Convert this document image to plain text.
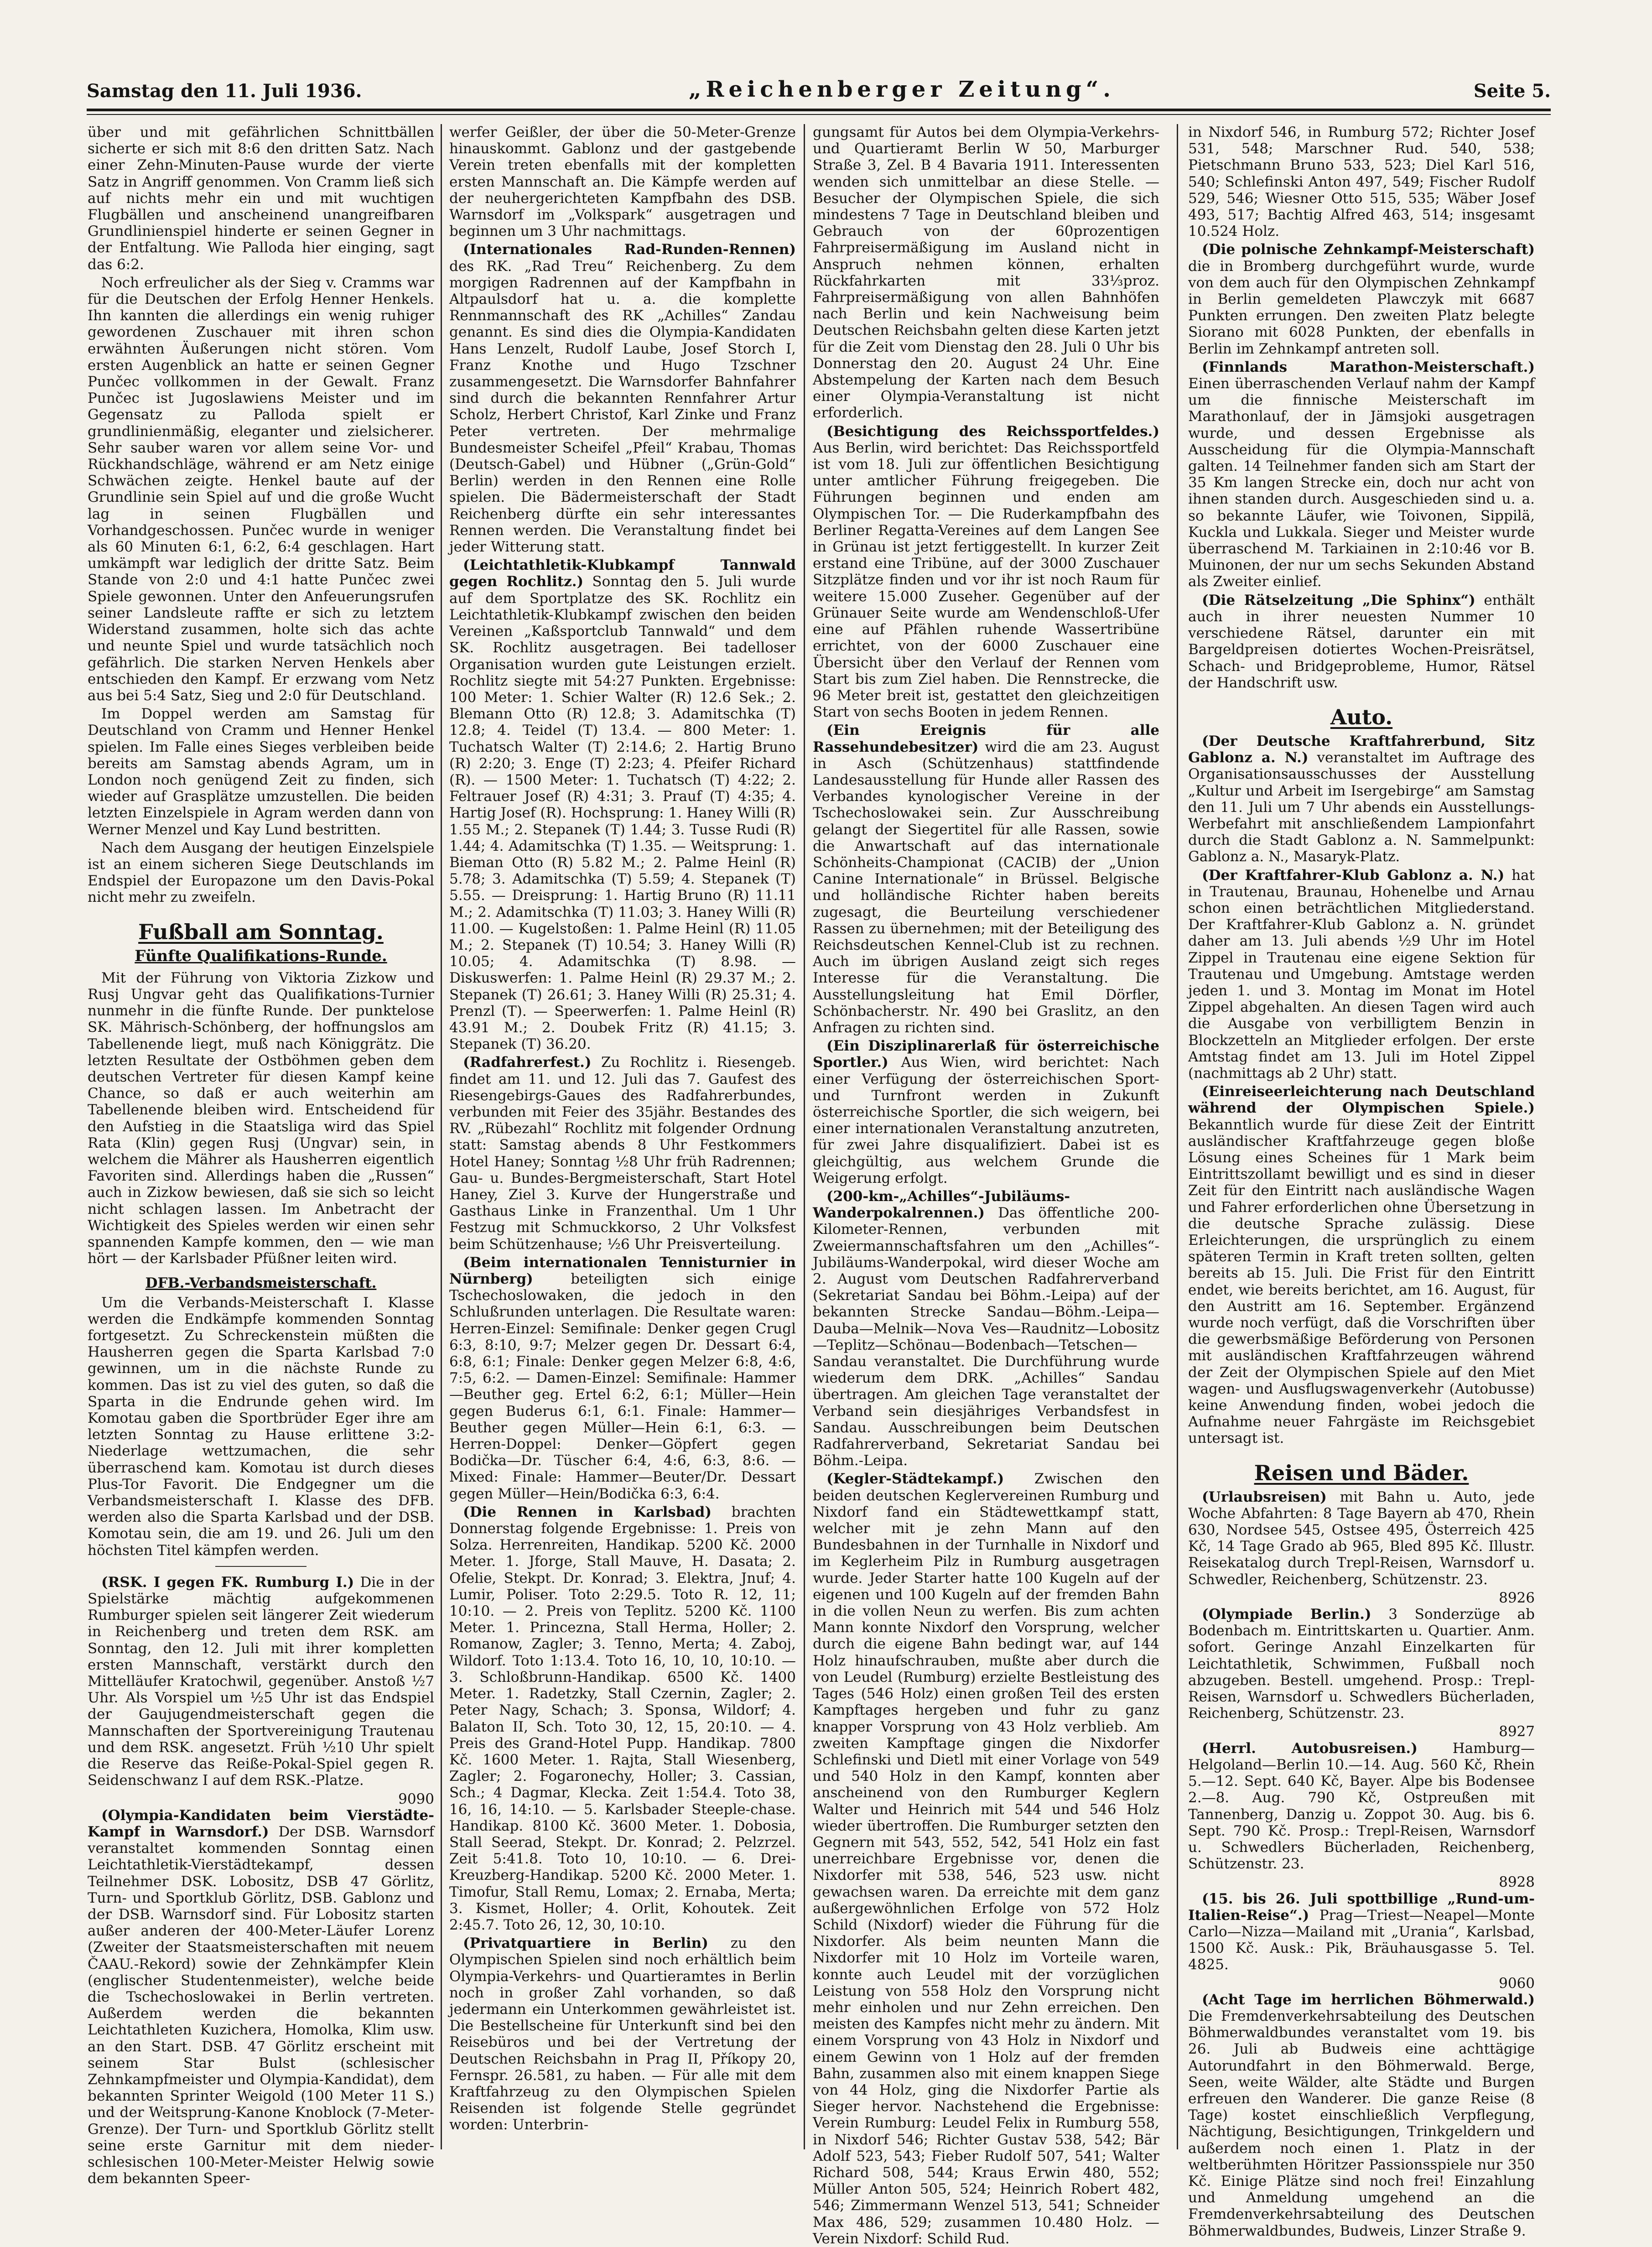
Samstag den 11. Juli 1936.	„Reichenberger Zeitung“.	Seite 5.

über und mit gefährlichen Schnittbällen sicherte er sich mit 8:6 den dritten Satz. Nach einer Zehn-Minuten-Pause wurde der vierte Satz in Angriff genommen. Von Cramm ließ sich auf nichts mehr ein und mit wuchtigen Flugbällen und anscheinend unangreifbaren Grundlinienspiel hinderte er seinen Gegner in der Entfaltung. Wie Palloda hier einging, sagt das 6:2.

Noch erfreulicher als der Sieg v. Cramms war für die Deutschen der Erfolg Henner Henkels. Ihn kannten die allerdings ein wenig ruhiger gewordenen Zuschauer mit ihren schon erwähnten Äußerungen nicht stören. Vom ersten Augenblick an hatte er seinen Gegner Punčec vollkommen in der Gewalt. Franz Punčec ist Jugoslawiens Meister und im Gegensatz zu Palloda spielt er grundlinienmäßig, eleganter und zielsicherer. Sehr sauber waren vor allem seine Vor- und Rückhandschläge, während er am Netz einige Schwächen zeigte. Henkel baute auf der Grundlinie sein Spiel auf und die große Wucht lag in seinen Flugbällen und Vorhandgeschossen. Punčec wurde in weniger als 60 Minuten 6:1, 6:2, 6:4 geschlagen. Hart umkämpft war lediglich der dritte Satz. Beim Stande von 2:0 und 4:1 hatte Punčec zwei Spiele gewonnen. Unter den Anfeuerungsrufen seiner Landsleute raffte er sich zu letztem Widerstand zusammen, holte sich das achte und neunte Spiel und wurde tatsächlich noch gefährlich. Die starken Nerven Henkels aber entschieden den Kampf. Er erzwang vom Netz aus bei 5:4 Satz, Sieg und 2:0 für Deutschland.

Im Doppel werden am Samstag für Deutschland von Cramm und Henner Henkel spielen. Im Falle eines Sieges verbleiben beide bereits am Samstag abends Agram, um in London noch genügend Zeit zu finden, sich wieder auf Grasplätze umzustellen. Die beiden letzten Einzelspiele in Agram werden dann von Werner Menzel und Kay Lund bestritten.

Nach dem Ausgang der heutigen Einzelspiele ist an einem sicheren Siege Deutschlands im Endspiel der Europazone um den Davis-Pokal nicht mehr zu zweifeln.

Fußball am Sonntag.
Fünfte Qualifikations-Runde.

Mit der Führung von Viktoria Zizkow und Rusj Ungvar geht das Qualifikations-Turnier nunmehr in die fünfte Runde. Der punktelose SK. Mährisch-Schönberg, der hoffnungslos am Tabellenende liegt, muß nach Königgrätz. Die letzten Resultate der Ostböhmen geben dem deutschen Vertreter für diesen Kampf keine Chance, so daß er auch weiterhin am Tabellenende bleiben wird. Entscheidend für den Aufstieg in die Staatsliga wird das Spiel Rata (Klin) gegen Rusj (Ungvar) sein, in welchem die Mährer als Hausherren eigentlich Favoriten sind. Allerdings haben die „Russen“ auch in Zizkow bewiesen, daß sie sich so leicht nicht schlagen lassen. Im Anbetracht der Wichtigkeit des Spieles werden wir einen sehr spannenden Kampfe kommen, den — wie man hört — der Karlsbader Pfüßner leiten wird.

DFB.-Verbandsmeisterschaft.

Um die Verbands-Meisterschaft I. Klasse werden die Endkämpfe kommenden Sonntag fortgesetzt. Zu Schreckenstein müßten die Hausherren gegen die Sparta Karlsbad 7:0 gewinnen, um in die nächste Runde zu kommen. Das ist zu viel des guten, so daß die Sparta in die Endrunde gehen wird. Im Komotau gaben die Sportbrüder Eger ihre am letzten Sonntag zu Hause erlittene 3:2-Niederlage wettzumachen, die sehr überraschend kam. Komotau ist durch dieses Plus-Tor Favorit. Die Endgegner um die Verbandsmeisterschaft I. Klasse des DFB. werden also die Sparta Karlsbad und der DSB. Komotau sein, die am 19. und 26. Juli um den höchsten Titel kämpfen werden.

(RSK. I gegen FK. Rumburg I.) Die in der Spielstärke mächtig aufgekommenen Rumburger spielen seit längerer Zeit wiederum in Reichenberg und treten dem RSK. am Sonntag, den 12. Juli mit ihrer kompletten ersten Mannschaft, verstärkt durch den Mittelläufer Kratochwil, gegenüber. Anstoß ½7 Uhr. Als Vorspiel um ½5 Uhr ist das Endspiel der Gaujugendmeisterschaft gegen die Mannschaften der Sportvereinigung Trautenau und dem RSK. angesetzt. Früh ½10 Uhr spielt die Reserve das Reiße-Pokal-Spiel gegen R. Seidenschwanz I auf dem RSK.-Platze.

9090

(Olympia-Kandidaten beim Vierstädte-Kampf in Warnsdorf.) Der DSB. Warnsdorf veranstaltet kommenden Sonntag einen Leichtathletik-Vierstädtekampf, dessen Teilnehmer DSK. Lobositz, DSB 47 Görlitz, Turn- und Sportklub Görlitz, DSB. Gablonz und der DSB. Warnsdorf sind. Für Lobositz starten außer anderen der 400-Meter-Läufer Lorenz (Zweiter der Staatsmeisterschaften mit neuem ČAAU.-Rekord) sowie der Zehnkämpfer Klein (englischer Studentenmeister), welche beide die Tschechoslowakei in Berlin vertreten. Außerdem werden die bekannten Leichtathleten Kuzichera, Homolka, Klim usw. an den Start. DSB. 47 Görlitz erscheint mit seinem Star Bulst (schlesischer Zehnkampfmeister und Olympia-Kandidat), dem bekannten Sprinter Weigold (100 Meter 11 S.) und der Weitsprung-Kanone Knoblock (7-Meter-Grenze). Der Turn- und Sportklub Görlitz stellt seine erste Garnitur mit dem nieder-schlesischen 100-Meter-Meister Helwig sowie dem bekannten Speer-

werfer Geißler, der über die 50-Meter-Grenze hinauskommt. Gablonz und der gastgebende Verein treten ebenfalls mit der kompletten ersten Mannschaft an. Die Kämpfe werden auf der neuhergerichteten Kampfbahn des DSB. Warnsdorf im „Volkspark“ ausgetragen und beginnen um 3 Uhr nachmittags.

(Internationales Rad-Runden-Rennen) des RK. „Rad Treu“ Reichenberg. Zu dem morgigen Radrennen auf der Kampfbahn in Altpaulsdorf hat u. a. die komplette Rennmannschaft des RK „Achilles“ Zandau genannt. Es sind dies die Olympia-Kandidaten Hans Lenzelt, Rudolf Laube, Josef Storch I, Franz Knothe und Hugo Tzschner zusammengesetzt. Die Warnsdorfer Bahnfahrer sind durch die bekannten Rennfahrer Artur Scholz, Herbert Christof, Karl Zinke und Franz Peter vertreten. Der mehrmalige Bundesmeister Scheifel „Pfeil“ Krabau, Thomas (Deutsch-Gabel) und Hübner („Grün-Gold“ Berlin) werden in den Rennen eine Rolle spielen. Die Bädermeisterschaft der Stadt Reichenberg dürfte ein sehr interessantes Rennen werden. Die Veranstaltung findet bei jeder Witterung statt.

(Leichtathletik-Klubkampf Tannwald gegen Rochlitz.) Sonntag den 5. Juli wurde auf dem Sportplatze des SK. Rochlitz ein Leichtathletik-Klubkampf zwischen den beiden Vereinen „Kaßsportclub Tannwald“ und dem SK. Rochlitz ausgetragen. Bei tadelloser Organisation wurden gute Leistungen erzielt. Rochlitz siegte mit 54:27 Punkten. Ergebnisse: 100 Meter: 1. Schier Walter (R) 12.6 Sek.; 2. Blemann Otto (R) 12.8; 3. Adamitschka (T) 12.8; 4. Teidel (T) 13.4. — 800 Meter: 1. Tuchatsch Walter (T) 2:14.6; 2. Hartig Bruno (R) 2:20; 3. Enge (T) 2:23; 4. Pfeifer Richard (R). — 1500 Meter: 1. Tuchatsch (T) 4:22; 2. Feltrauer Josef (R) 4:31; 3. Prauf (T) 4:35; 4. Hartig Josef (R). Hochsprung: 1. Haney Willi (R) 1.55 M.; 2. Stepanek (T) 1.44; 3. Tusse Rudi (R) 1.44; 4. Adamitschka (T) 1.35. — Weitsprung: 1. Bieman Otto (R) 5.82 M.; 2. Palme Heinl (R) 5.78; 3. Adamitschka (T) 5.59; 4. Stepanek (T) 5.55. — Dreisprung: 1. Hartig Bruno (R) 11.11 M.; 2. Adamitschka (T) 11.03; 3. Haney Willi (R) 11.00. — Kugelstoßen: 1. Palme Heinl (R) 11.05 M.; 2. Stepanek (T) 10.54; 3. Haney Willi (R) 10.05; 4. Adamitschka (T) 8.98. — Diskuswerfen: 1. Palme Heinl (R) 29.37 M.; 2. Stepanek (T) 26.61; 3. Haney Willi (R) 25.31; 4. Prenzl (T). — Speerwerfen: 1. Palme Heinl (R) 43.91 M.; 2. Doubek Fritz (R) 41.15; 3. Stepanek (T) 36.20.

(Radfahrerfest.) Zu Rochlitz i. Riesengeb. findet am 11. und 12. Juli das 7. Gaufest des Riesengebirgs-Gaues des Radfahrerbundes, verbunden mit Feier des 35jähr. Bestandes des RV. „Rübezahl“ Rochlitz mit folgender Ordnung statt: Samstag abends 8 Uhr Festkommers Hotel Haney; Sonntag ½8 Uhr früh Radrennen; Gau- u. Bundes-Bergmeisterschaft, Start Hotel Haney, Ziel 3. Kurve der Hungerstraße und Gasthaus Linke in Franzenthal. Um 1 Uhr Festzug mit Schmuckkorso, 2 Uhr Volksfest beim Schützenhause; ½6 Uhr Preisverteilung.

(Beim internationalen Tennisturnier in Nürnberg)	beteiligten sich einige Tschechoslowaken, die jedoch in den Schlußrunden unterlagen. Die Resultate waren: Herren-Einzel: Semifinale: Denker gegen Crugl 6:3, 8:10, 9:7; Melzer gegen Dr. Dessart 6:4, 6:8, 6:1; Finale: Denker gegen Melzer 6:8, 4:6, 7:5, 6:2. — Damen-Einzel: Semifinale: Hammer—Beuther geg. Ertel 6:2, 6:1; Müller—Hein gegen Buderus 6:1, 6:1. Finale: Hammer—Beuther gegen Müller—Hein 6:1, 6:3. — Herren-Doppel: Denker—Göpfert gegen Bodička—Dr. Tüscher 6:4, 4:6, 6:3, 8:6. — Mixed: Finale: Hammer—Beuter/Dr. Dessart gegen Müller—Hein/Bodička 6:3, 6:4.

(Die Rennen in Karlsbad) brachten Donnerstag folgende Ergebnisse: 1. Preis von Solza. Herrenreiten, Handikap. 5200 Kč. 2000 Meter. 1. Jforge, Stall Mauve, H. Dasata; 2. Ofelie, Stekpt. Dr. Konrad; 3. Elektra, Jnuf; 4. Lumir, Poliser. Toto 2:29.5. Toto R. 12, 11; 10:10. — 2. Preis von Teplitz. 5200 Kč. 1100 Meter. 1. Princezna, Stall Herma, Holler; 2. Romanow, Zagler; 3. Tenno, Merta; 4. Zaboj, Wildorf. Toto 1:13.4. Toto 16, 10, 10, 10:10. — 3. Schloßbrunn-Handikap. 6500 Kč. 1400 Meter. 1. Radetzky, Stall Czernin, Zagler; 2. Peter Nagy, Schach; 3. Sponsa, Wildorf; 4. Balaton II, Sch. Toto 30, 12, 15, 20:10. — 4. Preis des Grand-Hotel Pupp. Handikap. 7800 Kč. 1600 Meter. 1. Rajta, Stall Wiesenberg, Zagler; 2. Fogaronechy, Holler; 3. Cassian, Sch.; 4 Dagmar, Klecka. Zeit 1:54.4. Toto 38, 16, 16, 14:10. — 5. Karlsbader Steeple-chase. Handikap. 8100 Kč. 3600 Meter. 1. Dobosia, Stall Seerad, Stekpt. Dr. Konrad; 2. Pelzrzel. Zeit 5:41.8. Toto 10, 10:10. — 6. Drei-Kreuzberg-Handikap. 5200 Kč. 2000 Meter. 1. Timofur, Stall Remu, Lomax; 2. Ernaba, Merta; 3. Kismet, Holler; 4. Orlit, Kohoutek. Zeit 2:45.7. Toto 26, 12, 30, 10:10.

(Privatquartiere in Berlin) zu den Olympischen Spielen sind noch erhältlich beim Olympia-Verkehrs- und Quartieramtes in Berlin noch in großer Zahl vorhanden, so daß jedermann ein Unterkommen gewährleistet ist. Die Bestellscheine für Unterkunft sind bei den Reisebüros und bei der Vertretung der Deutschen Reichsbahn in Prag II, Příkopy 20, Fernspr. 26.581, zu haben. — Für alle mit dem Kraftfahrzeug zu den Olympischen Spielen Reisenden ist folgende Stelle gegründet worden: Unterbrin-

gungsamt für Autos bei dem Olympia-Verkehrs- und Quartieramt Berlin W 50, Marburger Straße 3, Zel. B 4 Bavaria 1911. Interessenten wenden sich unmittelbar an diese Stelle. — Besucher der Olympischen Spiele, die sich mindestens 7 Tage in Deutschland bleiben und Gebrauch von der 60prozentigen Fahrpreisermäßigung im Ausland nicht in Anspruch nehmen können, erhalten Rückfahrkarten mit 33⅓proz. Fahrpreisermäßigung von allen Bahnhöfen nach Berlin und kein Nachweisung beim Deutschen Reichsbahn gelten diese Karten jetzt für die Zeit vom Dienstag den 28. Juli 0 Uhr bis Donnerstag den 20. August 24 Uhr. Eine Abstempelung der Karten nach dem Besuch einer Olympia-Veranstaltung ist nicht erforderlich.

(Besichtigung des Reichssportfeldes.) Aus Berlin, wird berichtet: Das Reichssportfeld ist vom 18. Juli zur öffentlichen Besichtigung unter amtlicher Führung freigegeben. Die Führungen beginnen und enden am Olympischen Tor. — Die Ruderkampfbahn des Berliner Regatta-Vereines auf dem Langen See in Grünau ist jetzt fertiggestellt. In kurzer Zeit erstand eine Tribüne, auf der 3000 Zuschauer Sitzplätze finden und vor ihr ist noch Raum für weitere 15.000 Zuseher. Gegenüber auf der Grünauer Seite wurde am Wendenschloß-Ufer eine auf Pfählen ruhende Wassertribüne errichtet, von der 6000 Zuschauer eine Übersicht über den Verlauf der Rennen vom Start bis zum Ziel haben. Die Rennstrecke, die 96 Meter breit ist, gestattet den gleichzeitigen Start von sechs Booten in jedem Rennen.

(Ein Ereignis für alle Rassehundebesitzer) wird die am 23. August in Asch (Schützenhaus) stattfindende Landesausstellung für Hunde aller Rassen des Verbandes kynologischer Vereine in der Tschechoslowakei sein. Zur Ausschreibung gelangt der Siegertitel für alle Rassen, sowie die Anwartschaft auf das internationale Schönheits-Championat (CACIB) der „Union Canine Internationale“ in Brüssel. Belgische und holländische Richter haben bereits zugesagt, die Beurteilung verschiedener Rassen zu übernehmen; mit der Beteiligung des Reichsdeutschen Kennel-Club ist zu rechnen. Auch im übrigen Ausland zeigt sich reges Interesse für die Veranstaltung. Die Ausstellungsleitung hat Emil Dörfler, Schönbacherstr. Nr. 490 bei Graslitz, an den Anfragen zu richten sind.

(Ein Disziplinarerlaß für österreichische Sportler.) Aus Wien, wird berichtet: Nach einer Verfügung der österreichischen Sport- und Turnfront werden in Zukunft österreichische Sportler, die sich weigern, bei einer internationalen Veranstaltung anzutreten, für zwei Jahre disqualifiziert. Dabei ist es gleichgültig, aus welchem Grunde die Weigerung erfolgt.

(200-km-„Achilles“-Jubiläums-Wanderpokalrennen.) Das öffentliche 200-Kilometer-Rennen, verbunden mit Zweiermannschaftsfahren um den „Achilles“-Jubiläums-Wanderpokal, wird dieser Woche am 2. August vom Deutschen Radfahrerverband (Sekretariat Sandau bei Böhm.-Leipa) auf der bekannten Strecke Sandau—Böhm.-Leipa—Dauba—Melnik—Nova Ves—Raudnitz—Lobositz—Teplitz—Schönau—Bodenbach—Tetschen—Sandau veranstaltet. Die Durchführung wurde wiederum dem DRK. „Achilles“ Sandau übertragen. Am gleichen Tage veranstaltet der Verband sein diesjähriges Verbandsfest in Sandau. Ausschreibungen beim Deutschen Radfahrerverband, Sekretariat Sandau bei Böhm.-Leipa.

(Kegler-Städtekampf.) Zwischen den beiden deutschen Keglervereinen Rumburg und Nixdorf fand ein Städtewettkampf statt, welcher mit je zehn Mann auf den Bundesbahnen in der Turnhalle in Nixdorf und im Keglerheim Pilz in Rumburg ausgetragen wurde. Jeder Starter hatte 100 Kugeln auf der eigenen und 100 Kugeln auf der fremden Bahn in die vollen Neun zu werfen. Bis zum achten Mann konnte Nixdorf den Vorsprung, welcher durch die eigene Bahn bedingt war, auf 144 Holz hinaufschrauben, mußte aber durch die von Leudel (Rumburg) erzielte Bestleistung des Tages (546 Holz) einen großen Teil des ersten Kampftages hergeben und fuhr zu ganz knapper Vorsprung von 43 Holz verblieb. Am zweiten Kampftage gingen die Nixdorfer Schlefinski und Dietl mit einer Vorlage von 549 und 540 Holz in den Kampf, konnten aber anscheinend von den Rumburger Keglern Walter und Heinrich mit 544 und 546 Holz wieder übertroffen. Die Rumburger setzten den Gegnern mit 543, 552, 542, 541 Holz ein fast unerreichbare Ergebnisse vor, denen die Nixdorfer mit 538, 546, 523 usw. nicht gewachsen waren. Da erreichte mit dem ganz außergewöhnlichen Erfolge von 572 Holz Schild (Nixdorf) wieder die Führung für die Nixdorfer. Als beim neunten Mann die Nixdorfer mit 10 Holz im Vorteile waren, konnte auch Leudel mit der vorzüglichen Leistung von 558 Holz den Vorsprung nicht mehr einholen und nur Zehn erreichen. Den meisten des Kampfes nicht mehr zu ändern. Mit einem Vorsprung von 43 Holz in Nixdorf und einem Gewinn von 1 Holz auf der fremden Bahn, zusammen also mit einem knappen Siege von 44 Holz, ging die Nixdorfer Partie als Sieger hervor. Nachstehend die Ergebnisse: Verein Rumburg: Leudel Felix in Rumburg 558, in Nixdorf 546; Richter Gustav 538, 542; Bär Adolf 523, 543; Fieber Rudolf 507, 541; Walter Richard 508, 544; Kraus Erwin 480, 552; Müller Anton 505, 524; Heinrich Robert 482, 546; Zimmermann Wenzel 513, 541; Schneider Max 486, 529; zusammen 10.480 Holz. — Verein Nixdorf: Schild Rud.

in Nixdorf 546, in Rumburg 572; Richter Josef 531, 548; Marschner Rud. 540, 538; Pietschmann Bruno 533, 523; Diel Karl 516, 540; Schlefinski Anton 497, 549; Fischer Rudolf 529, 546; Wiesner Otto 515, 535; Wäber Josef 493, 517; Bachtig Alfred 463, 514; insgesamt 10.524 Holz.

(Die polnische Zehnkampf-Meisterschaft) die in Bromberg durchgeführt wurde, wurde von dem auch für den Olympischen Zehnkampf in Berlin gemeldeten Plawczyk mit 6687 Punkten errungen. Den zweiten Platz belegte Siorano mit 6028 Punkten, der ebenfalls in Berlin im Zehnkampf antreten soll.

(Finnlands Marathon-Meisterschaft.) Einen überraschenden Verlauf nahm der Kampf um die finnische Meisterschaft im Marathonlauf, der in Jämsjoki ausgetragen wurde, und dessen Ergebnisse als Ausscheidung für die Olympia-Mannschaft galten. 14 Teilnehmer fanden sich am Start der 35 Km langen Strecke ein, doch nur acht von ihnen standen durch. Ausgeschieden sind u. a. so bekannte Läufer, wie Toivonen, Sippilä, Kuckla und Lukkala. Sieger und Meister wurde überraschend M. Tarkiainen in 2:10:46 vor B. Muinonen, der nur um sechs Sekunden Abstand als Zweiter einlief.

(Die Rätselzeitung „Die Sphinx“) enthält auch in ihrer neuesten Nummer 10 verschiedene Rätsel, darunter ein mit Bargeldpreisen dotiertes Wochen-Preisrätsel, Schach- und Bridgeprobleme, Humor, Rätsel der Handschrift usw.

Auto.

(Der Deutsche Kraftfahrerbund, Sitz Gablonz a. N.) veranstaltet im Auftrage des Organisationsausschusses der Ausstellung „Kultur und Arbeit im Isergebirge“ am Samstag den 11. Juli um 7 Uhr abends ein Ausstellungs-Werbefahrt mit anschließendem Lampionfahrt durch die Stadt Gablonz a. N. Sammelpunkt: Gablonz a. N., Masaryk-Platz.

(Der Kraftfahrer-Klub Gablonz a. N.) hat in Trautenau, Braunau, Hohenelbe und Arnau schon einen beträchtlichen Mitgliederstand. Der Kraftfahrer-Klub Gablonz a. N. gründet daher am 13. Juli abends ½9 Uhr im Hotel Zippel in Trautenau eine eigene Sektion für Trautenau und Umgebung. Amtstage werden jeden 1. und 3. Montag im Monat im Hotel Zippel abgehalten. An diesen Tagen wird auch die Ausgabe von verbilligtem Benzin in Blockzetteln an Mitglieder erfolgen. Der erste Amtstag findet am 13. Juli im Hotel Zippel (nachmittags ab 2 Uhr) statt.

(Einreiseerleichterung nach Deutschland während der Olympischen Spiele.) Bekanntlich wurde für diese Zeit der Eintritt ausländischer Kraftfahrzeuge gegen bloße Lösung eines Scheines für 1 Mark beim Eintrittszollamt bewilligt und es sind in dieser Zeit für den Eintritt nach ausländische Wagen und Fahrer erforderlichen ohne Übersetzung in die deutsche Sprache zulässig. Diese Erleichterungen, die ursprünglich zu einem späteren Termin in Kraft treten sollten, gelten bereits ab 15. Juli. Die Frist für den Eintritt endet, wie bereits berichtet, am 16. August, für den Austritt am 16. September. Ergänzend wurde noch verfügt, daß die Vorschriften über die gewerbsmäßige Beförderung von Personen mit ausländischen Kraftfahrzeugen während der Zeit der Olympischen Spiele auf den Miet wagen- und Ausflugswagenverkehr (Autobusse) keine Anwendung finden, wobei jedoch die Aufnahme neuer Fahrgäste im Reichsgebiet untersagt ist.

Reisen und Bäder.

(Urlaubsreisen) mit Bahn u. Auto, jede Woche Abfahrten: 8 Tage Bayern ab 470, Rhein 630, Nordsee 545, Ostsee 495, Österreich 425 Kč, 14 Tage Grado ab 965, Bled 895 Kč. Illustr. Reisekatalog durch Trepl-Reisen, Warnsdorf u. Schwedler, Reichenberg, Schützenstr. 23.

8926

(Olympiade Berlin.) 3 Sonderzüge ab Bodenbach m. Eintrittskarten u. Quartier. Anm. sofort. Geringe Anzahl Einzelkarten für Leichtathletik, Schwimmen, Fußball noch abzugeben. Bestell. umgehend. Prosp.: Trepl-Reisen, Warnsdorf u. Schwedlers Bücherladen, Reichenberg, Schützenstr. 23.

8927

(Herrl. Autobusreisen.) Hamburg—Helgoland—Berlin 10.—14. Aug. 560 Kč, Rhein 5.—12. Sept. 640 Kč, Bayer. Alpe bis Bodensee 2.—8. Aug. 790 Kč, Ostpreußen mit Tannenberg, Danzig u. Zoppot 30. Aug. bis 6. Sept. 790 Kč. Prosp.: Trepl-Reisen, Warnsdorf u. Schwedlers Bücherladen, Reichenberg, Schützenstr. 23.

8928

(15. bis 26. Juli spottbillige „Rund-um-Italien-Reise“.) Prag—Triest—Neapel—Monte Carlo—Nizza—Mailand mit „Urania“, Karlsbad, 1500 Kč. Ausk.: Pik, Bräuhausgasse 5. Tel. 4825.

9060

(Acht Tage im herrlichen Böhmerwald.) Die Fremdenverkehrsabteilung des Deutschen Böhmerwaldbundes veranstaltet vom 19. bis 26. Juli ab Budweis eine achttägige Autorundfahrt in den Böhmerwald. Berge, Seen, weite Wälder, alte Städte und Burgen erfreuen den Wanderer. Die ganze Reise (8 Tage) kostet einschließlich Verpflegung, Nächtigung, Besichtigungen, Trinkgeldern und außerdem noch einen 1. Platz in der weltberühmten Höritzer Passionsspiele nur 350 Kč. Einige Plätze sind noch frei! Einzahlung und Anmeldung umgehend an die Fremdenverkehrsabteilung des Deutschen Böhmerwaldbundes, Budweis, Linzer Straße 9.
